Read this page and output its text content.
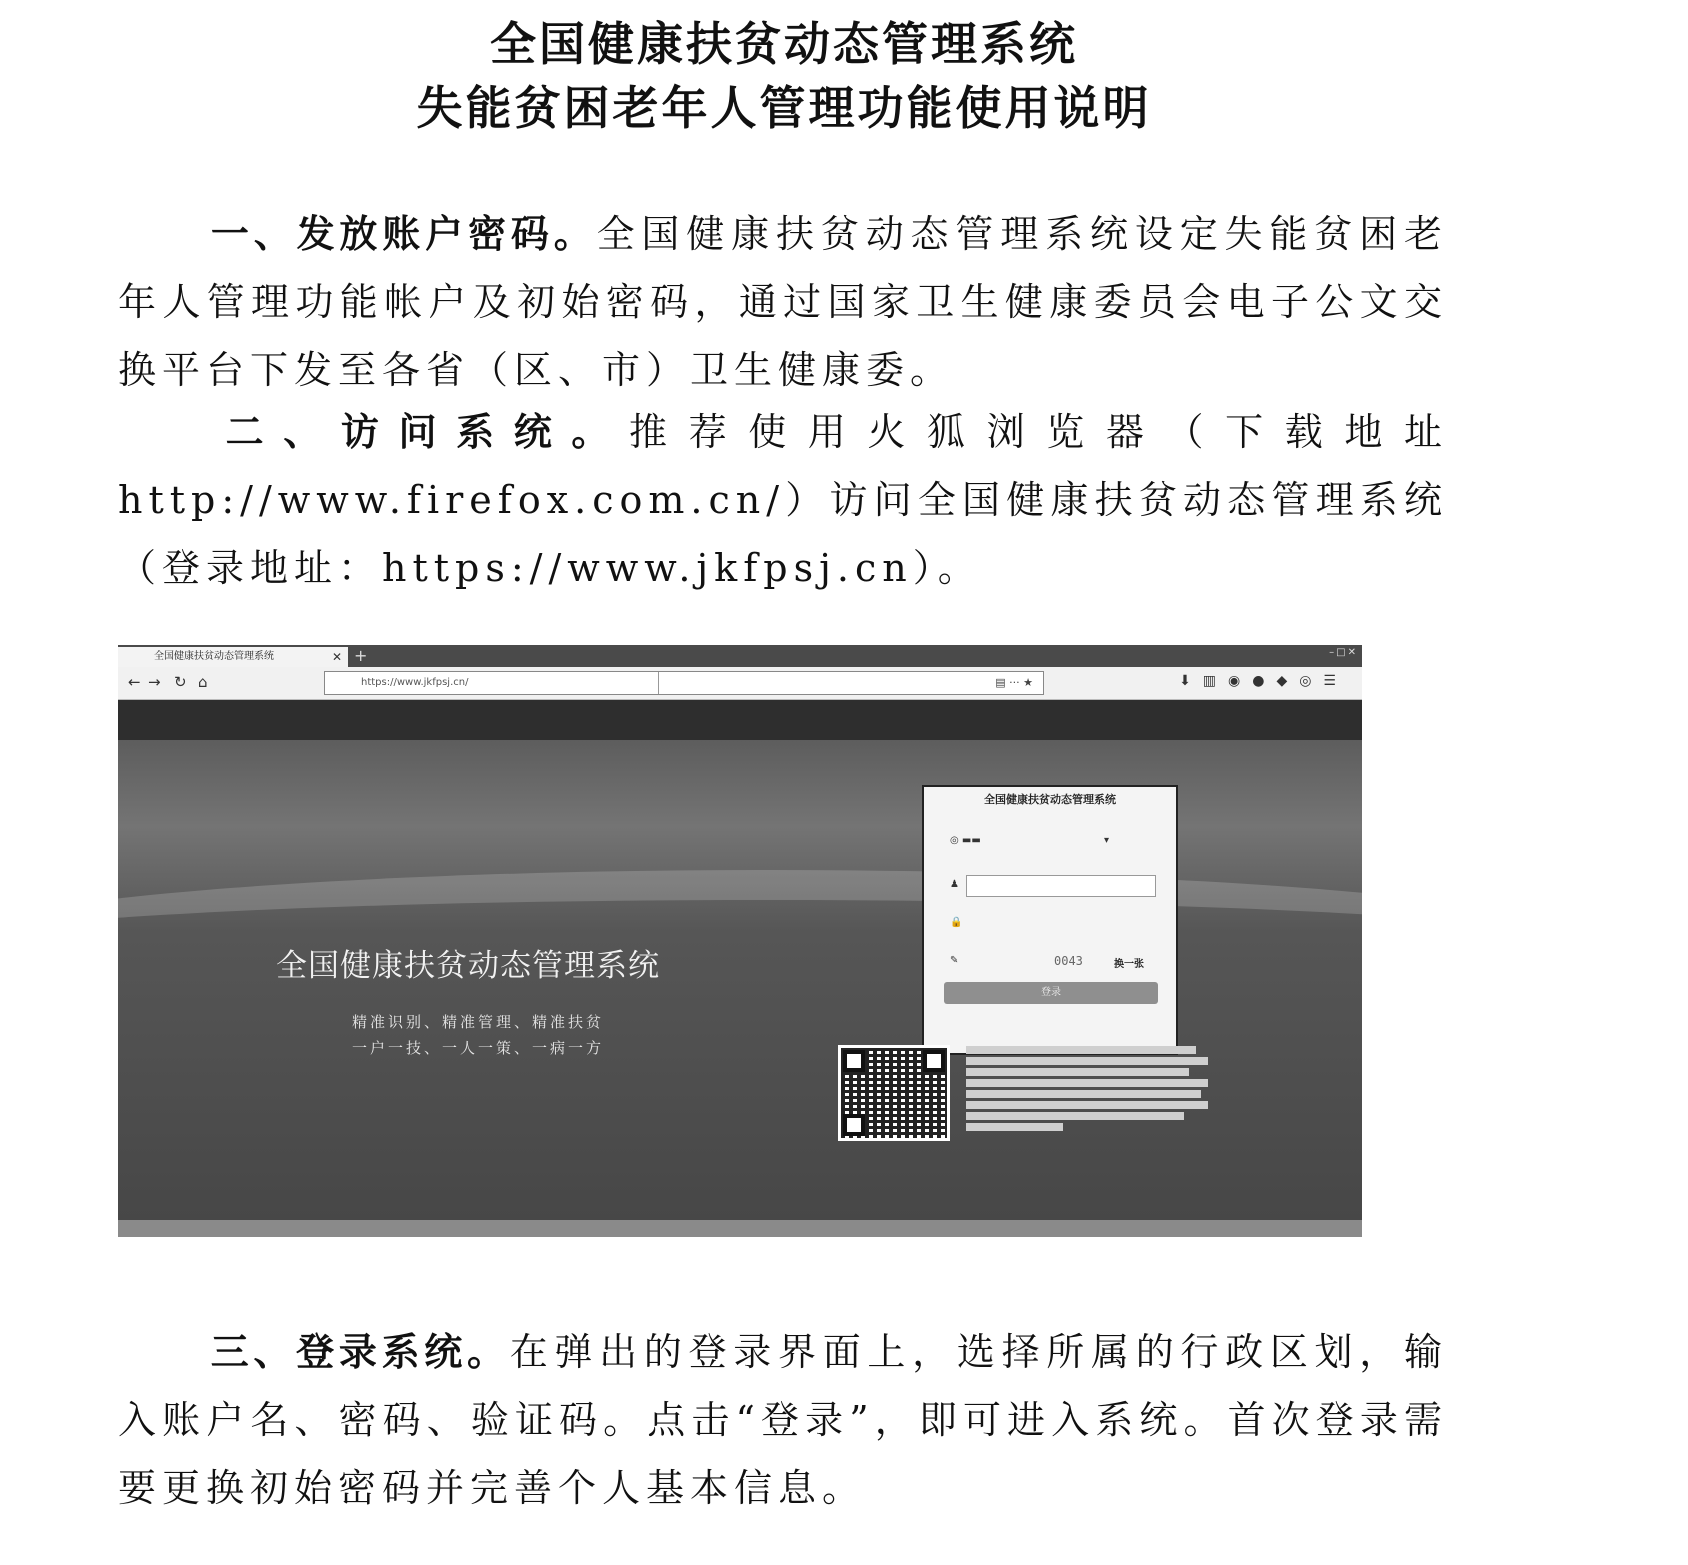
全国健康扶贫动态管理系统
失能贫困老年人管理功能使用说明

一、发放账户密码。全国健康扶贫动态管理系统设定失能贫困老年人管理功能帐户及初始密码，通过国家卫生健康委员会电子公文交换平台下发至各省（区、市）卫生健康委。

二、访问系统。推荐使用火狐浏览器（下载地址http://www.firefox.com.cn/）访问全国健康扶贫动态管理系统（登录地址：https://www.jkfpsj.cn）。

全国健康扶贫动态管理系统	✕ +	–□✕
← → ↻ ⌂	https://www.jkfpsj.cn/	▤ ··· ★	⬇▥◉●◆◎☰
全国健康扶贫动态管理系统
精准识别、精准管理、精准扶贫
一户一技、一人一策、一病一方
全国健康扶贫动态管理系统
◎ ▬▬	▾
♟
🔒
✎	0043	换一张
登录

三、登录系统。在弹出的登录界面上，选择所属的行政区划，输入账户名、密码、验证码。点击“登录”，即可进入系统。首次登录需要更换初始密码并完善个人基本信息。
